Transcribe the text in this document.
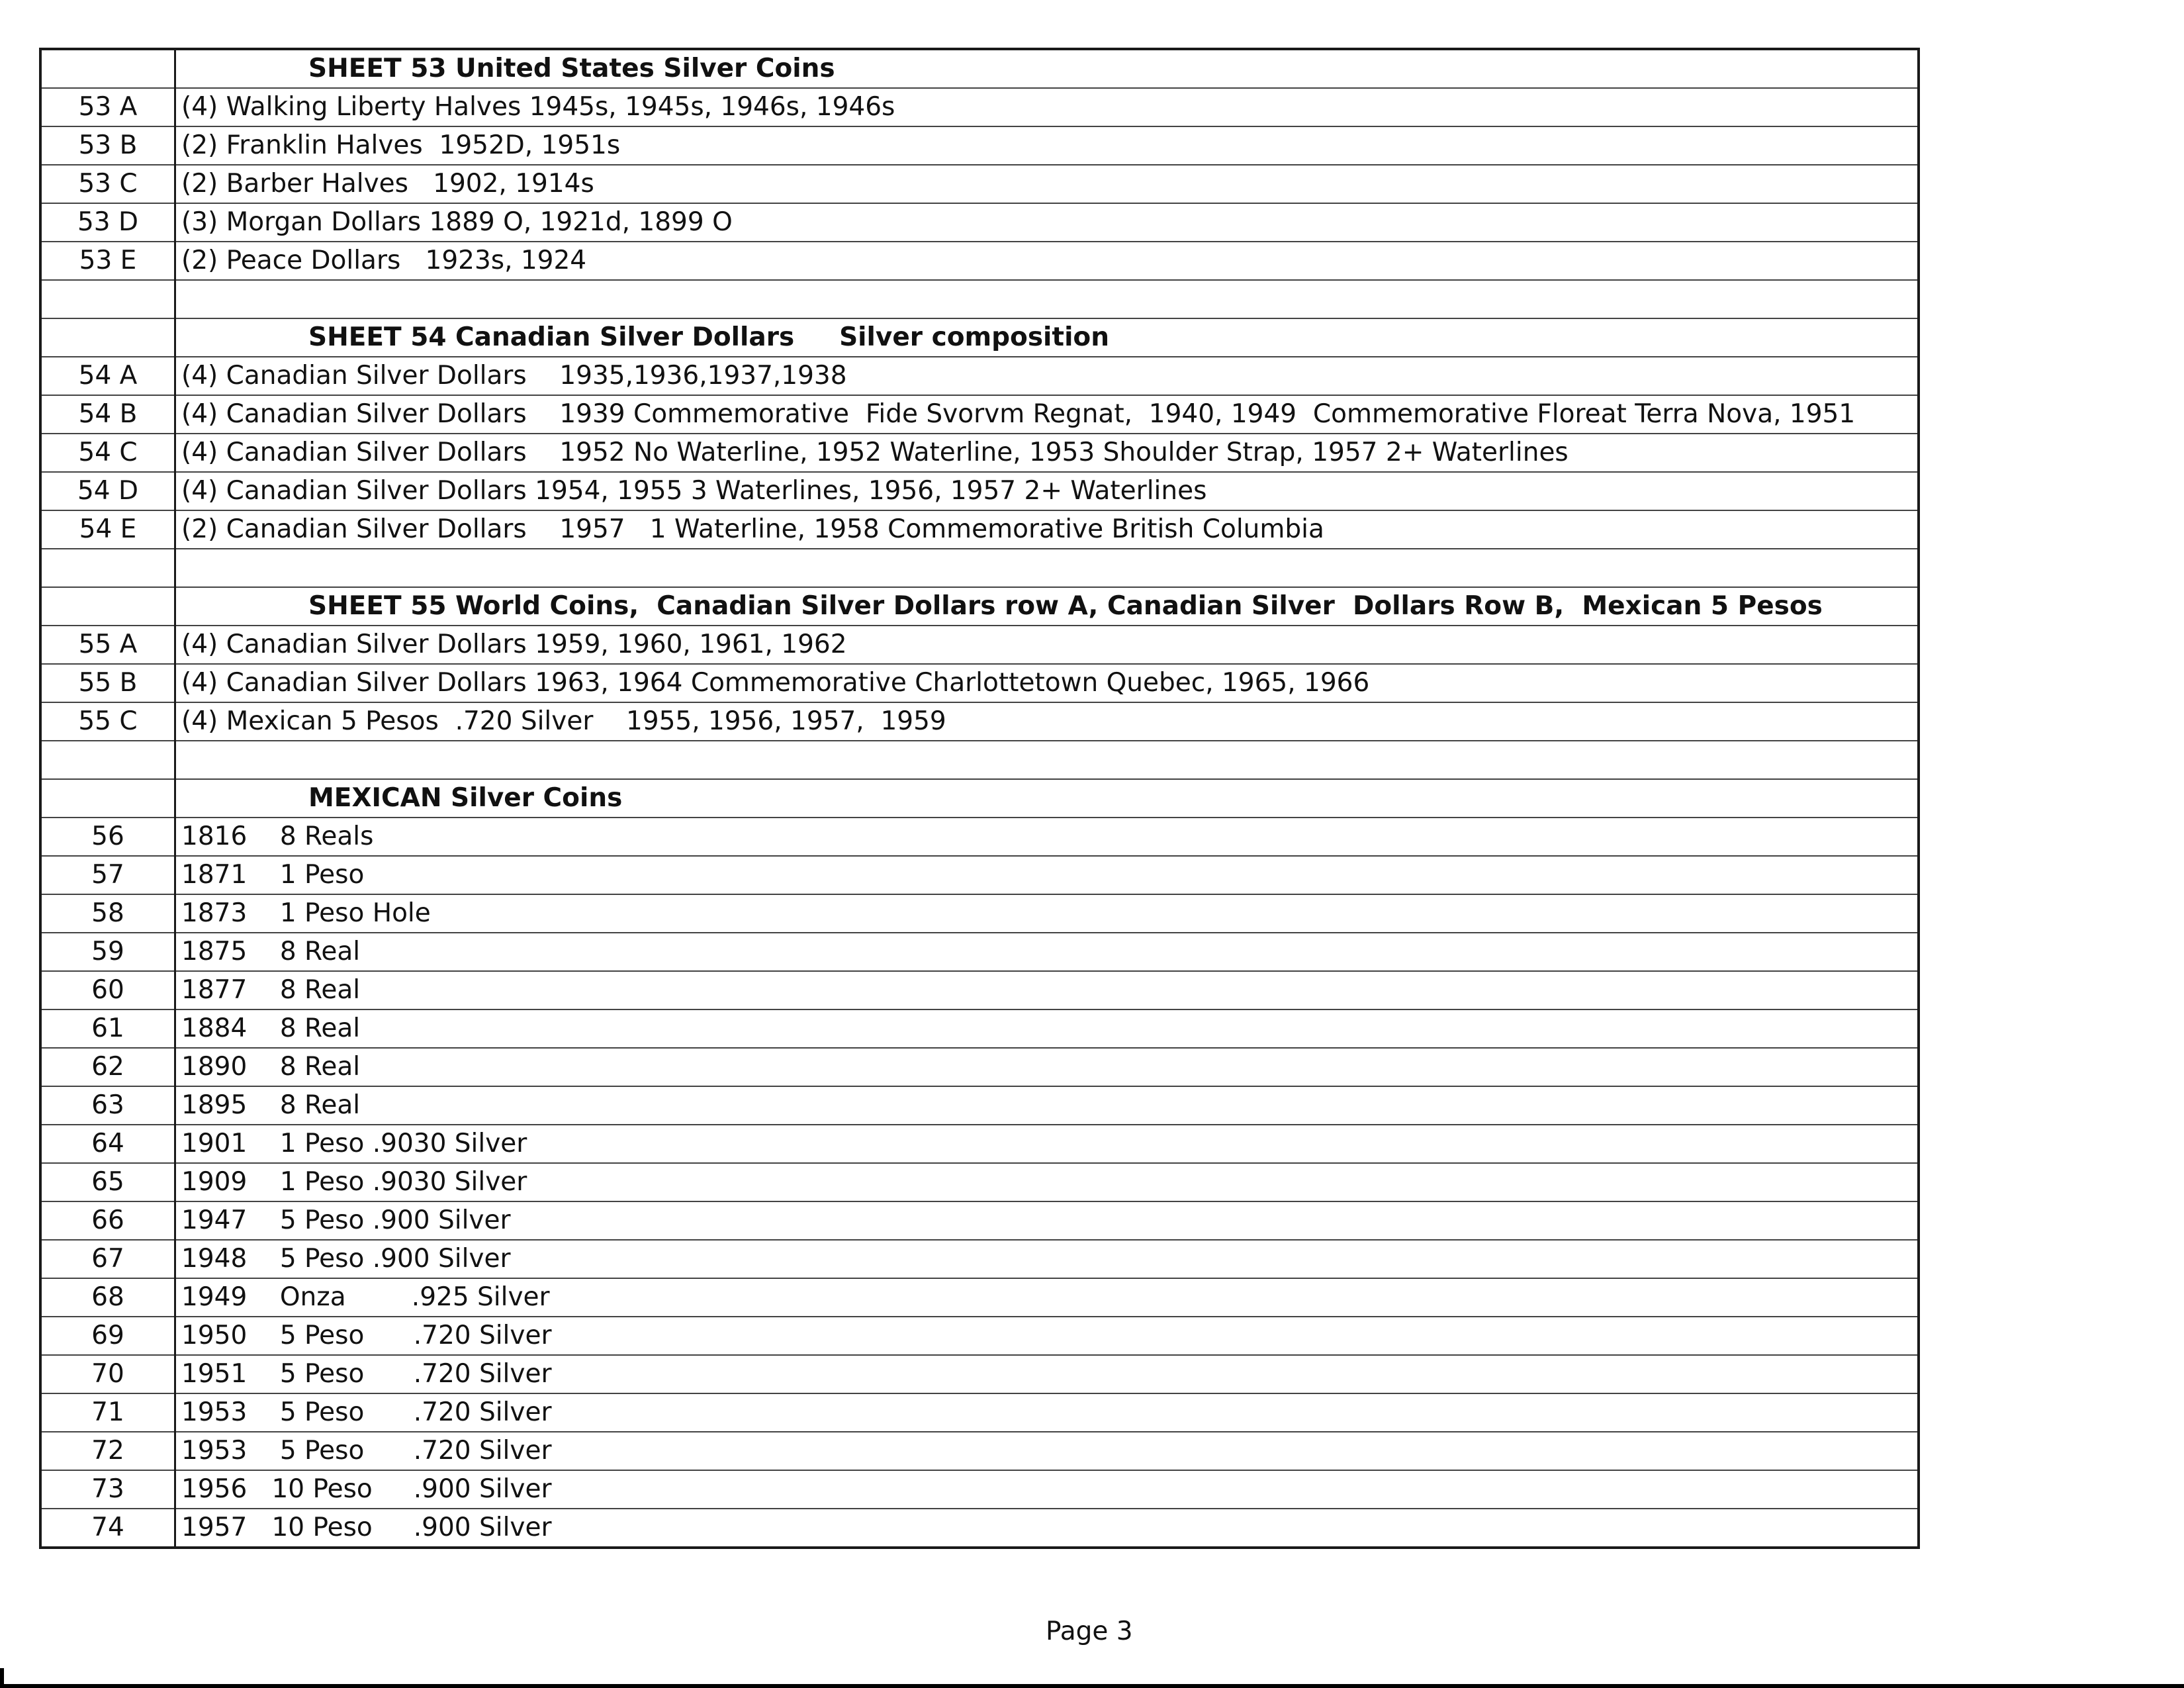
	SHEET 53 United States Silver Coins
53 A	(4) Walking Liberty Halves 1945s, 1945s, 1946s, 1946s
53 B	(2) Franklin Halves  1952D, 1951s
53 C	(2) Barber Halves   1902, 1914s
53 D	(3) Morgan Dollars 1889 O, 1921d, 1899 O
53 E	(2) Peace Dollars   1923s, 1924

	SHEET 54 Canadian Silver Dollars     Silver composition
54 A	(4) Canadian Silver Dollars    1935,1936,1937,1938
54 B	(4) Canadian Silver Dollars    1939 Commemorative  Fide Svorvm Regnat,  1940, 1949  Commemorative Floreat Terra Nova, 1951
54 C	(4) Canadian Silver Dollars    1952 No Waterline, 1952 Waterline, 1953 Shoulder Strap, 1957 2+ Waterlines
54 D	(4) Canadian Silver Dollars 1954, 1955 3 Waterlines, 1956, 1957 2+ Waterlines
54 E	(2) Canadian Silver Dollars    1957   1 Waterline, 1958 Commemorative British Columbia

	SHEET 55 World Coins,  Canadian Silver Dollars row A, Canadian Silver  Dollars Row B,  Mexican 5 Pesos
55 A	(4) Canadian Silver Dollars 1959, 1960, 1961, 1962
55 B	(4) Canadian Silver Dollars 1963, 1964 Commemorative Charlottetown Quebec, 1965, 1966
55 C	(4) Mexican 5 Pesos  .720 Silver    1955, 1956, 1957,  1959

	MEXICAN Silver Coins
56	1816    8 Reals
57	1871    1 Peso
58	1873    1 Peso Hole
59	1875    8 Real
60	1877    8 Real
61	1884    8 Real
62	1890    8 Real
63	1895    8 Real
64	1901    1 Peso .9030 Silver
65	1909    1 Peso .9030 Silver
66	1947    5 Peso .900 Silver
67	1948    5 Peso .900 Silver
68	1949    Onza        .925 Silver
69	1950    5 Peso      .720 Silver
70	1951    5 Peso      .720 Silver
71	1953    5 Peso      .720 Silver
72	1953    5 Peso      .720 Silver
73	1956   10 Peso     .900 Silver
74	1957   10 Peso     .900 Silver
Page 3
